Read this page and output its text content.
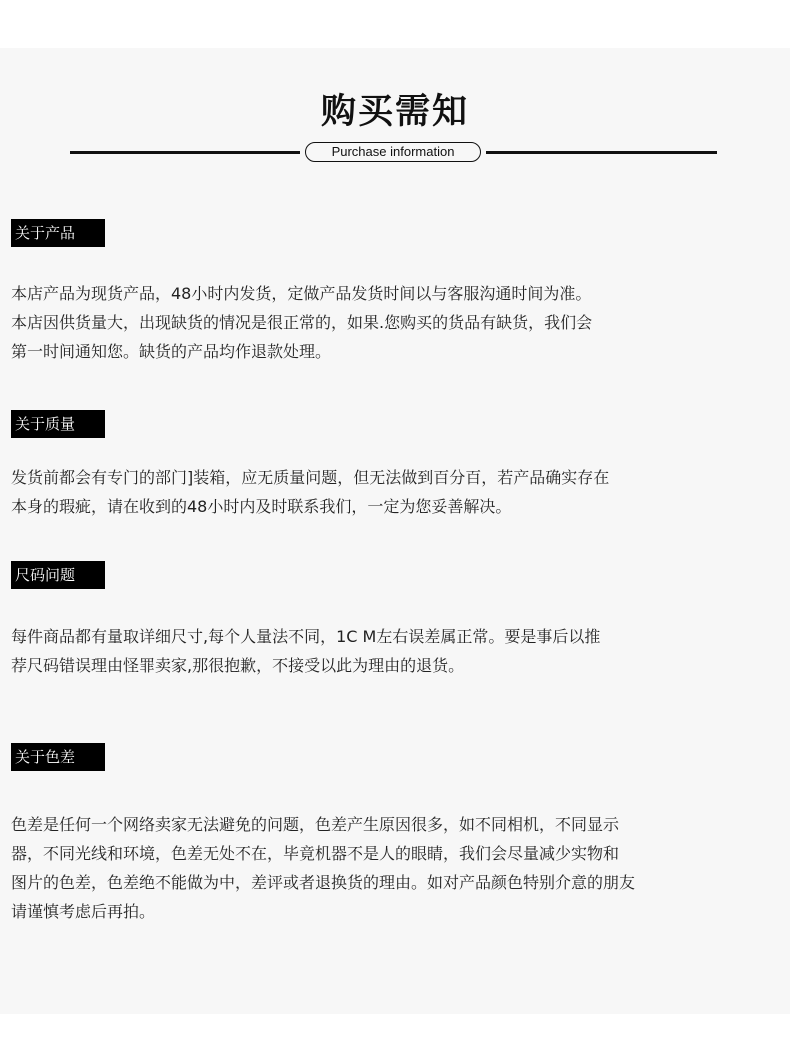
购买需知
Purchase information
关于产品
本店产品为现货产品，48小时内发货，定做产品发货时间以与客服沟通时间为准。
本店因供货量大，出现缺货的情况是很正常的，如果.您购买的货品有缺货，我们会
第一时间通知您。缺货的产品均作退款处理。
关于质量
发货前都会有专门的部门]装箱，应无质量问题，但无法做到百分百，若产品确实存在
本身的瑕疵，请在收到的48小时内及时联系我们，一定为您妥善解决。
尺码问题
每件商品都有量取详细尺寸,每个人量法不同，1C M左右误差属正常。要是事后以推
荐尺码错误理由怪罪卖家,那很抱歉，不接受以此为理由的退货。
关于色差
色差是任何一个网络卖家无法避免的问题，色差产生原因很多，如不同相机，不同显示
器，不同光线和环境，色差无处不在，毕竟机器不是人的眼睛，我们会尽量减少实物和
图片的色差，色差绝不能做为中，差评或者退换货的理由。如对产品颜色特别介意的朋友
请谨慎考虑后再拍。
